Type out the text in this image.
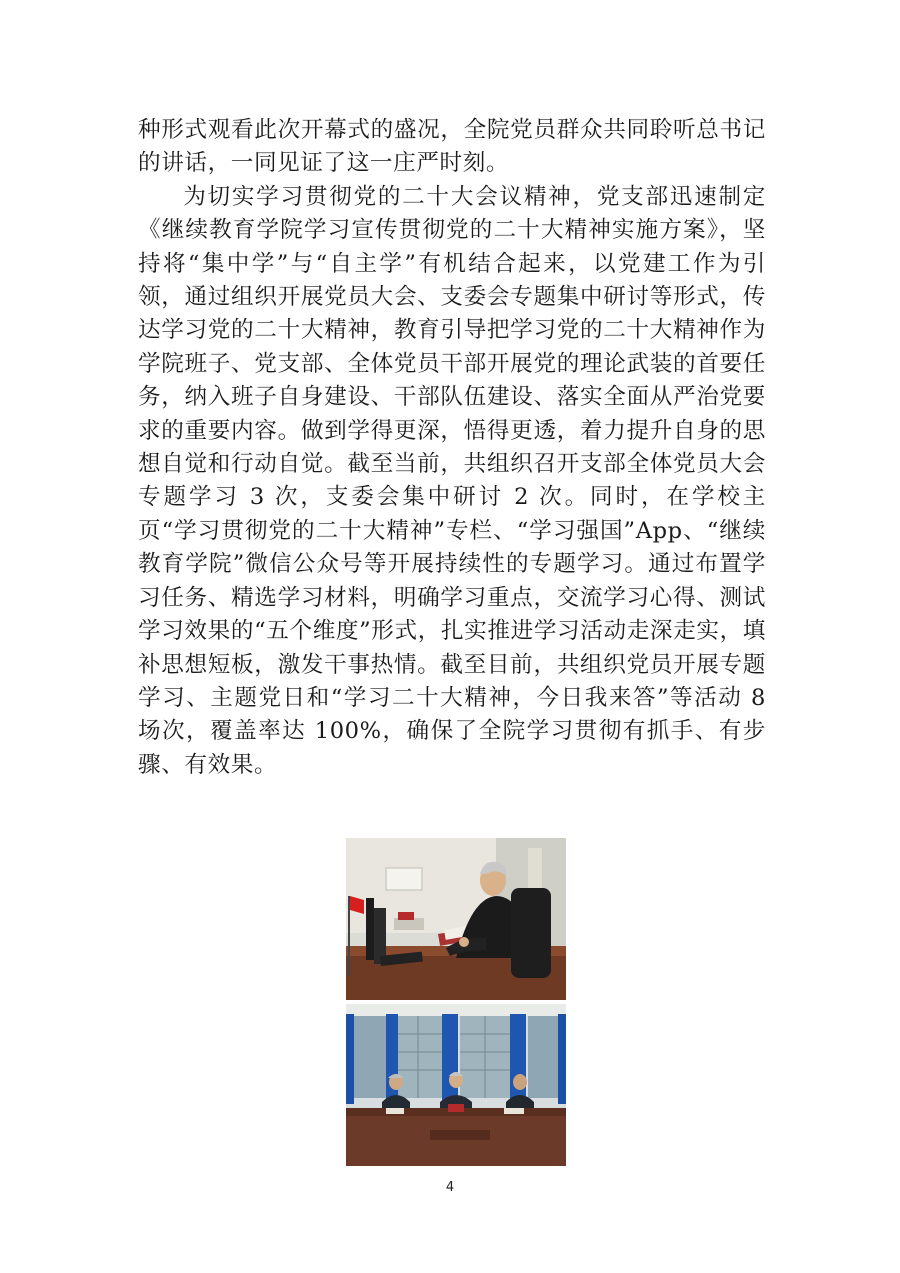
种形式观看此次开幕式的盛况，全院党员群众共同聆听总书记的讲话，一同见证了这一庄严时刻。

为切实学习贯彻党的二十大会议精神，党支部迅速制定《继续教育学院学习宣传贯彻党的二十大精神实施方案》，坚持将“集中学”与“自主学”有机结合起来，以党建工作为引领，通过组织开展党员大会、支委会专题集中研讨等形式，传达学习党的二十大精神，教育引导把学习党的二十大精神作为学院班子、党支部、全体党员干部开展党的理论武装的首要任务，纳入班子自身建设、干部队伍建设、落实全面从严治党要求的重要内容。做到学得更深，悟得更透，着力提升自身的思想自觉和行动自觉。截至当前，共组织召开支部全体党员大会专题学习 3 次，支委会集中研讨 2 次。同时，在学校主页“学习贯彻党的二十大精神”专栏、“学习强国”App、“继续教育学院”微信公众号等开展持续性的专题学习。通过布置学习任务、精选学习材料，明确学习重点，交流学习心得、测试学习效果的“五个维度”形式，扎实推进学习活动走深走实，填补思想短板，激发干事热情。截至目前，共组织党员开展专题学习、主题党日和“学习二十大精神，今日我来答”等活动 8 场次，覆盖率达 100%，确保了全院学习贯彻有抓手、有步骤、有效果。

4
